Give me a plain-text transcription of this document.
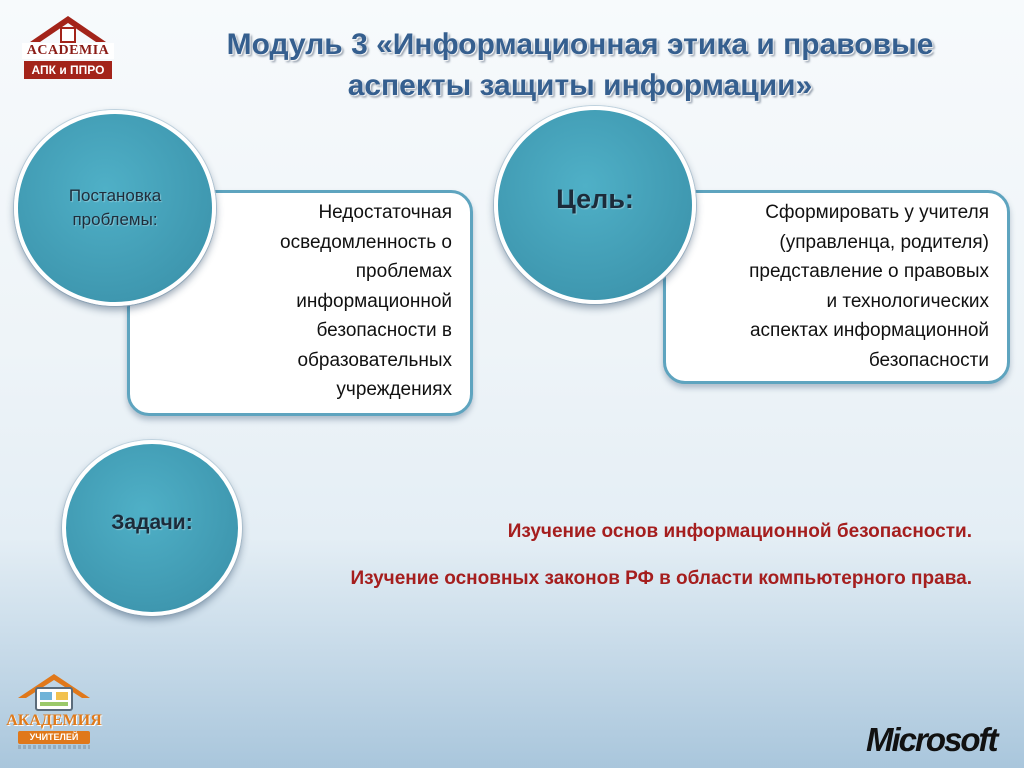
ACADEMIA
АПК и ППРО
Модуль 3 «Информационная этика и правовые
аспекты защиты информации»
Недостаточная
осведомленность о
проблемах
информационной
безопасности в
образовательных
учреждениях
Постановка проблемы:	Сформировать у учителя
(управленца, родителя)
представление о правовых
и технологических
аспектах информационной
безопасности
Цель:
Задачи:	Изучение основ информационной безопасности.
Изучение основных законов РФ в области компьютерного права.
АКАДЕМИЯ
УЧИТЕЛЕЙ	Microsoft
